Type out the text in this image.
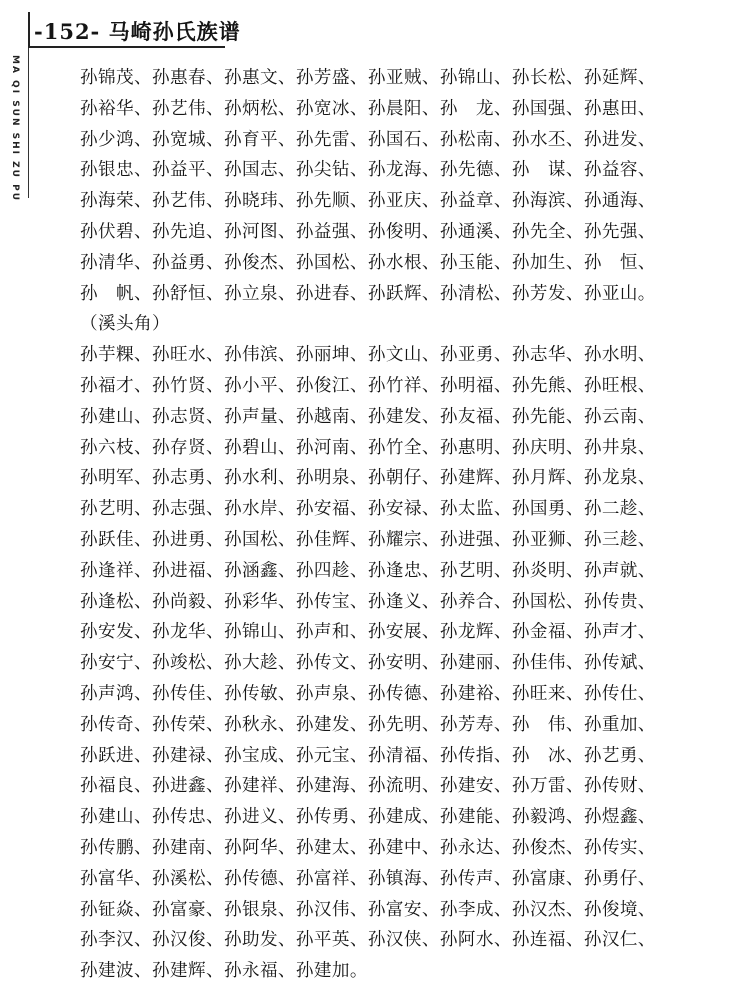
-152- 马崎孙氏族谱
MA QI SUN SHI ZU PU	孙锦茂、孙惠春、孙惠文、孙芳盛、孙亚贼、孙锦山、孙长松、孙延辉、
孙裕华、孙艺伟、孙炳松、孙宽冰、孙晨阳、孙　龙、孙国强、孙惠田、
孙少鸿、孙宽城、孙育平、孙先雷、孙国石、孙松南、孙水丕、孙进发、
孙银忠、孙益平、孙国志、孙尖钻、孙龙海、孙先德、孙　谋、孙益容、
孙海荣、孙艺伟、孙晓玮、孙先顺、孙亚庆、孙益章、孙海滨、孙通海、
孙伏碧、孙先追、孙河图、孙益强、孙俊明、孙通溪、孙先全、孙先强、
孙清华、孙益勇、孙俊杰、孙国松、孙水根、孙玉能、孙加生、孙　恒、
孙　帆、孙舒恒、孙立泉、孙进春、孙跃辉、孙清松、孙芳发、孙亚山。
（溪头角）
孙芋粿、孙旺水、孙伟滨、孙丽坤、孙文山、孙亚勇、孙志华、孙水明、
孙福才、孙竹贤、孙小平、孙俊江、孙竹祥、孙明福、孙先熊、孙旺根、
孙建山、孙志贤、孙声量、孙越南、孙建发、孙友福、孙先能、孙云南、
孙六枝、孙存贤、孙碧山、孙河南、孙竹全、孙惠明、孙庆明、孙井泉、
孙明军、孙志勇、孙水利、孙明泉、孙朝仔、孙建辉、孙月辉、孙龙泉、
孙艺明、孙志强、孙水岸、孙安福、孙安禄、孙太监、孙国勇、孙二趁、
孙跃佳、孙进勇、孙国松、孙佳辉、孙耀宗、孙进强、孙亚狮、孙三趁、
孙逢祥、孙进福、孙涵鑫、孙四趁、孙逢忠、孙艺明、孙炎明、孙声就、
孙逢松、孙尚毅、孙彩华、孙传宝、孙逢义、孙养合、孙国松、孙传贵、
孙安发、孙龙华、孙锦山、孙声和、孙安展、孙龙辉、孙金福、孙声才、
孙安宁、孙竣松、孙大趁、孙传文、孙安明、孙建丽、孙佳伟、孙传斌、
孙声鸿、孙传佳、孙传敏、孙声泉、孙传德、孙建裕、孙旺来、孙传仕、
孙传奇、孙传荣、孙秋永、孙建发、孙先明、孙芳寿、孙　伟、孙重加、
孙跃进、孙建禄、孙宝成、孙元宝、孙清福、孙传指、孙　冰、孙艺勇、
孙福良、孙进鑫、孙建祥、孙建海、孙流明、孙建安、孙万雷、孙传财、
孙建山、孙传忠、孙进义、孙传勇、孙建成、孙建能、孙毅鸿、孙煜鑫、
孙传鹏、孙建南、孙阿华、孙建太、孙建中、孙永达、孙俊杰、孙传实、
孙富华、孙溪松、孙传德、孙富祥、孙镇海、孙传声、孙富康、孙勇仔、
孙钲焱、孙富豪、孙银泉、孙汉伟、孙富安、孙李成、孙汉杰、孙俊境、
孙李汉、孙汉俊、孙助发、孙平英、孙汉侠、孙阿水、孙连福、孙汉仁、
孙建波、孙建辉、孙永福、孙建加。
